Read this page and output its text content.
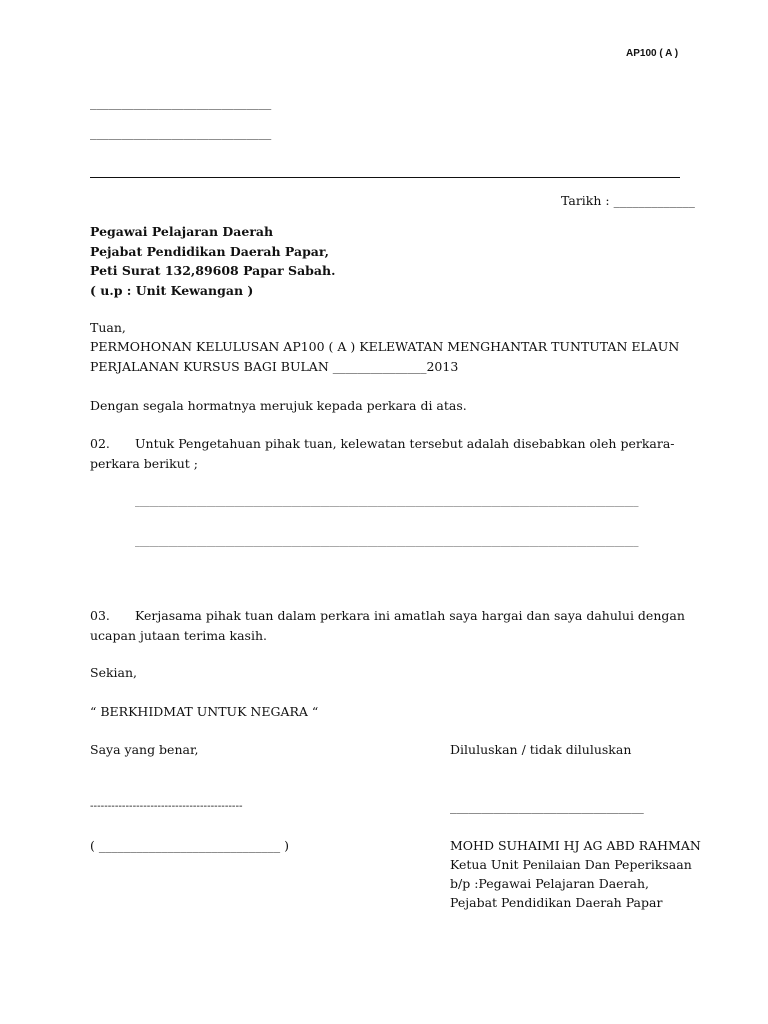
AP100 ( A )
_____________________________
_____________________________
Tarikh : _____________
Pegawai Pelajaran Daerah
Pejabat Pendidikan Daerah Papar,
Peti Surat 132,89608 Papar Sabah.
( u.p : Unit Kewangan )
Tuan,
PERMOHONAN KELULUSAN AP100 ( A ) KELEWATAN MENGHANTAR TUNTUTAN ELAUN
PERJALANAN KURSUS BAGI BULAN _______________2013
Dengan segala hormatnya merujuk kepada perkara di atas.
02. Untuk Pengetahuan pihak tuan, kelewatan tersebut adalah disebabkan oleh perkara-
perkara berikut ;
__________________________________________________________________________________________________________
__________________________________________________________________________________________________________
03. Kerjasama pihak tuan dalam perkara ini amatlah saya hargai dan saya dahului dengan
ucapan jutaan terima kasih.
Sekian,
“ BERKHIDMAT UNTUK NEGARA “
Saya yang benar,
-------------------------------------------
( _____________________________ )
Diluluskan / tidak diluluskan
_______________________________
MOHD SUHAIMI HJ AG ABD RAHMAN
Ketua Unit Penilaian Dan Peperiksaan
b/p :Pegawai Pelajaran Daerah,
Pejabat Pendidikan Daerah Papar
